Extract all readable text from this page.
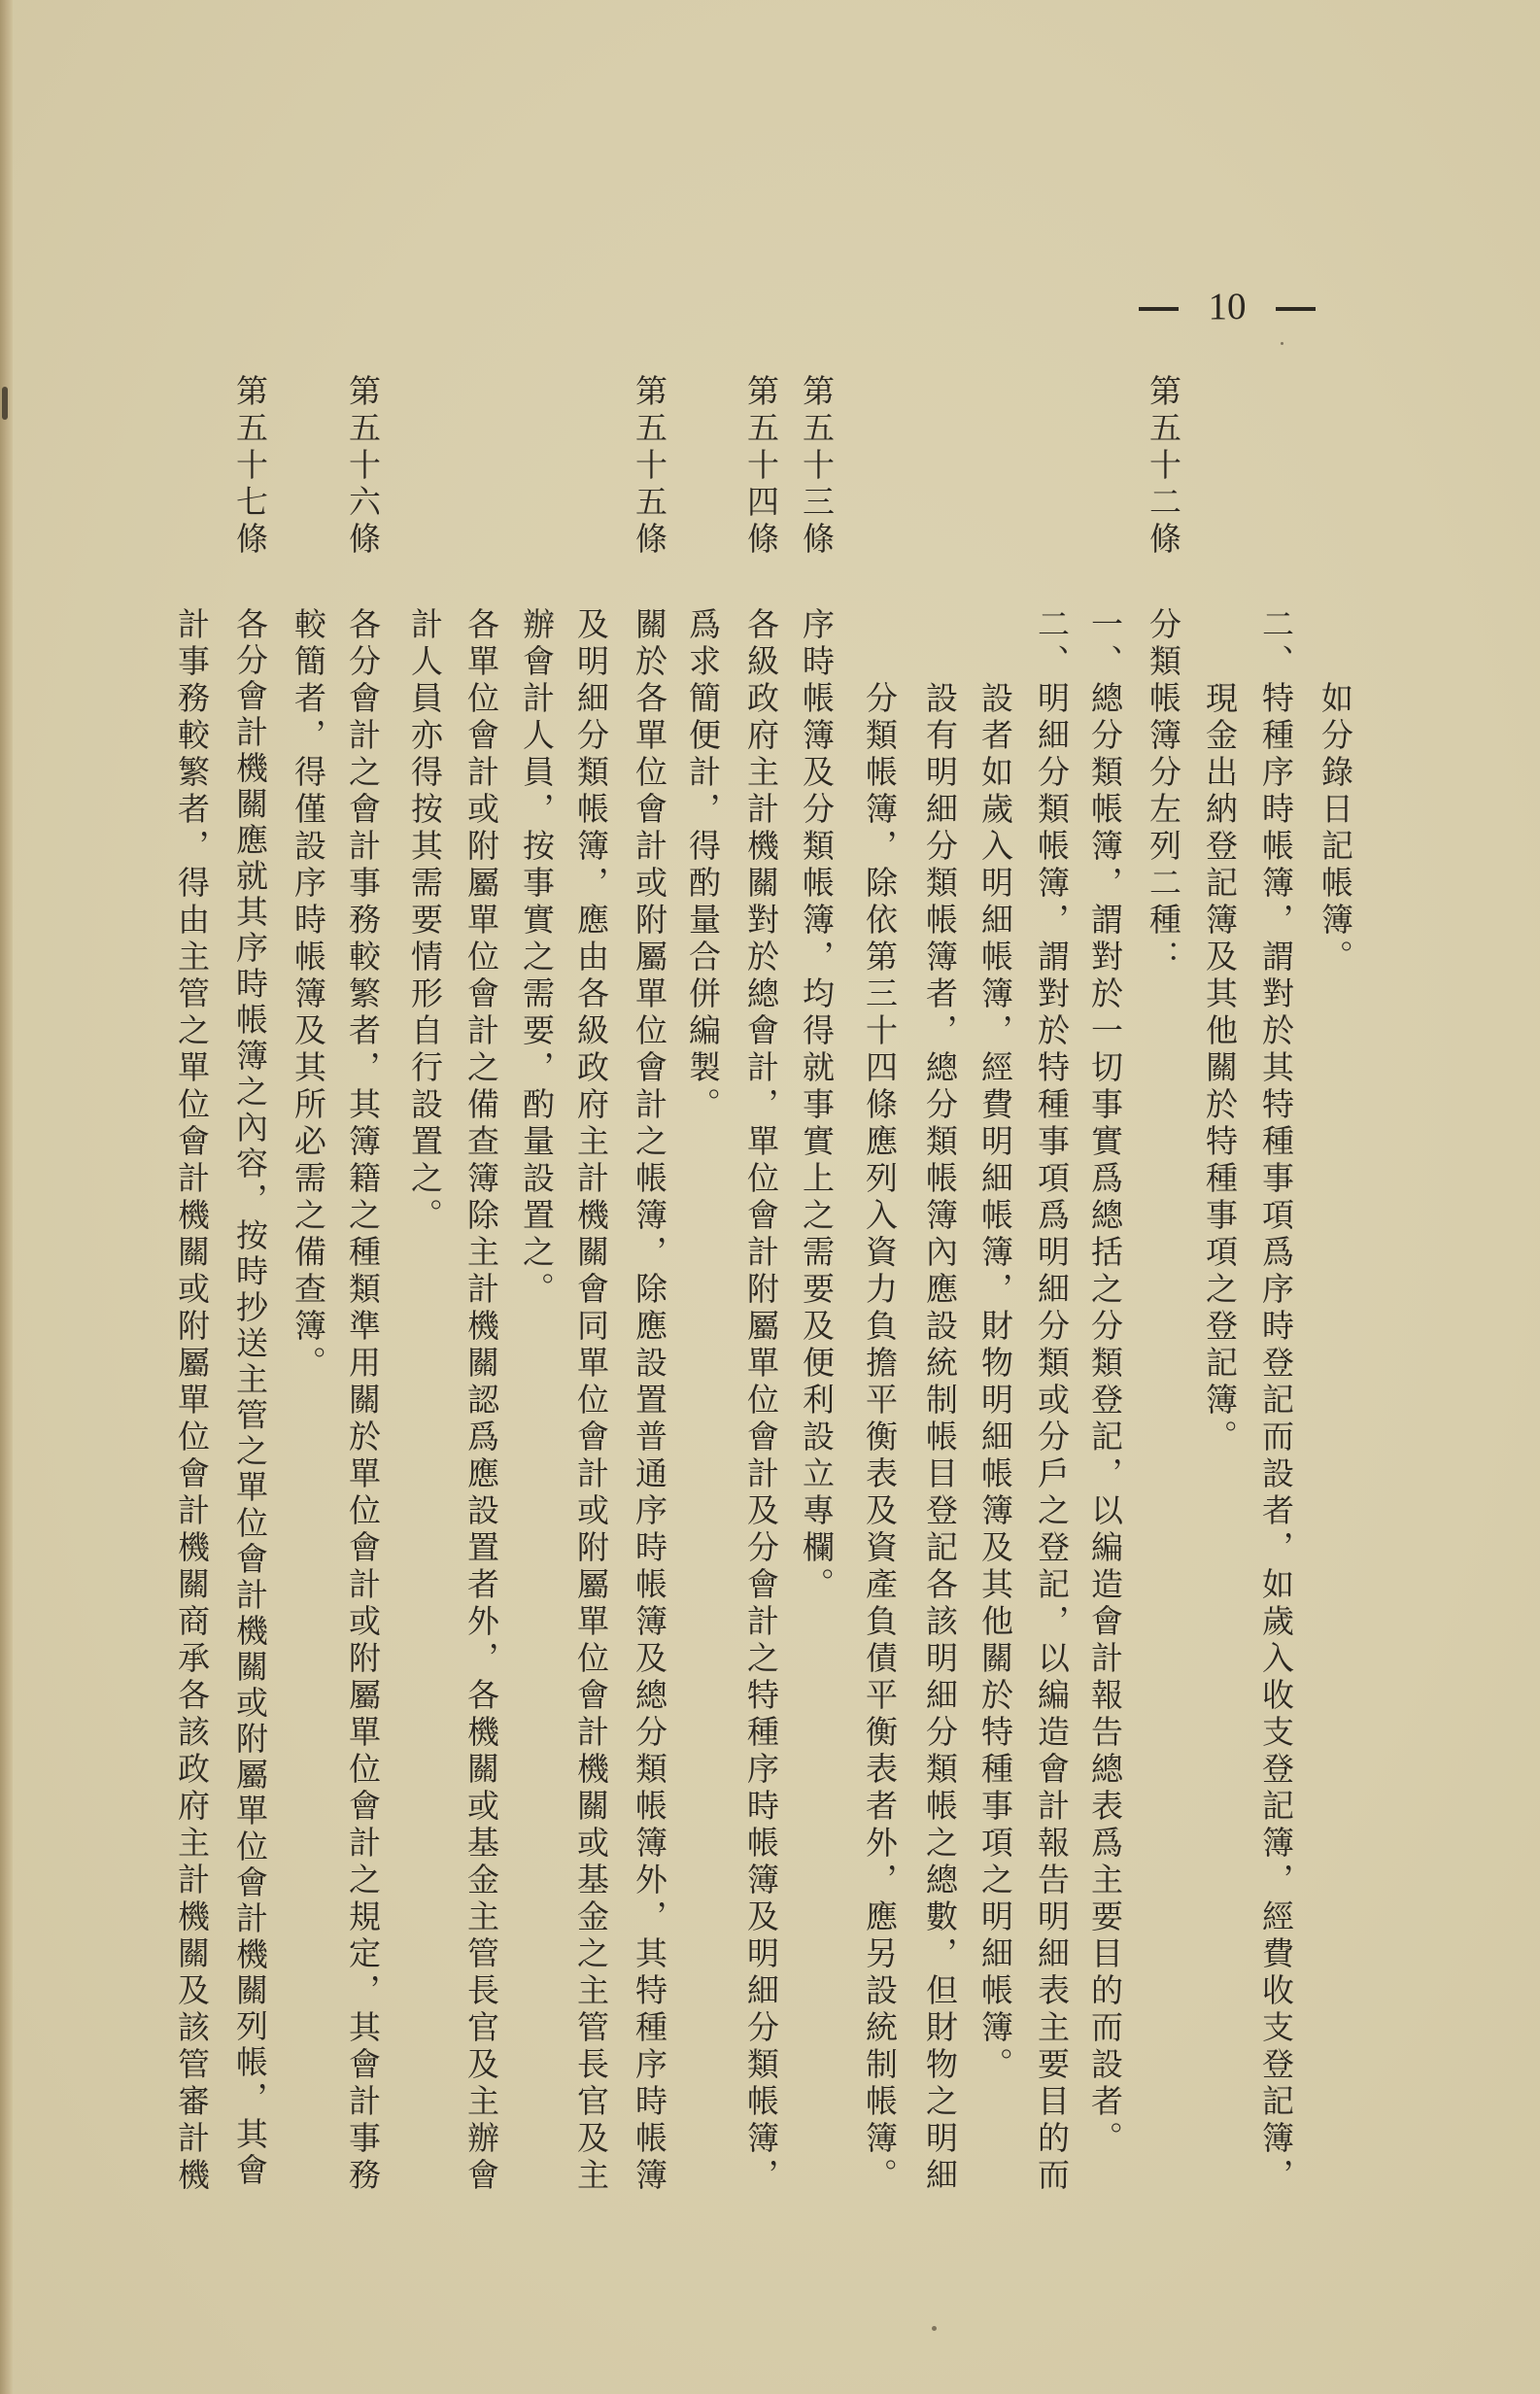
10
如分錄日記帳簿。
二、特種序時帳簿，謂對於其特種事項爲序時登記而設者，如歲入收支登記簿，經費收支登記簿，
現金出納登記簿及其他關於特種事項之登記簿。
第五十二條
分類帳簿分左列二種：
一、總分類帳簿，謂對於一切事實爲總括之分類登記，以編造會計報告總表爲主要目的而設者。
二、明細分類帳簿，謂對於特種事項爲明細分類或分戶之登記，以編造會計報告明細表主要目的而
設者如歲入明細帳簿，經費明細帳簿，財物明細帳簿及其他關於特種事項之明細帳簿。
設有明細分類帳簿者，總分類帳簿內應設統制帳目登記各該明細分類帳之總數，但財物之明細
分類帳簿，除依第三十四條應列入資力負擔平衡表及資產負債平衡表者外，應另設統制帳簿。
第五十三條
序時帳簿及分類帳簿，均得就事實上之需要及便利設立專欄。
第五十四條
各級政府主計機關對於總會計，單位會計附屬單位會計及分會計之特種序時帳簿及明細分類帳簿，
爲求簡便計，得酌量合併編製。
第五十五條
關於各單位會計或附屬單位會計之帳簿，除應設置普通序時帳簿及總分類帳簿外，其特種序時帳簿
及明細分類帳簿，應由各級政府主計機關會同單位會計或附屬單位會計機關或基金之主管長官及主
辦會計人員，按事實之需要，酌量設置之。
各單位會計或附屬單位會計之備查簿除主計機關認爲應設置者外，各機關或基金主管長官及主辦會
計人員亦得按其需要情形自行設置之。
第五十六條
各分會計之會計事務較繁者，其簿籍之種類準用關於單位會計或附屬單位會計之規定，其會計事務
較簡者，得僅設序時帳簿及其所必需之備查簿。
第五十七條
各分會計機關應就其序時帳簿之內容，按時抄送主管之單位會計機關或附屬單位會計機關列帳，其會
計事務較繁者，得由主管之單位會計機關或附屬單位會計機關商承各該政府主計機關及該管審計機
